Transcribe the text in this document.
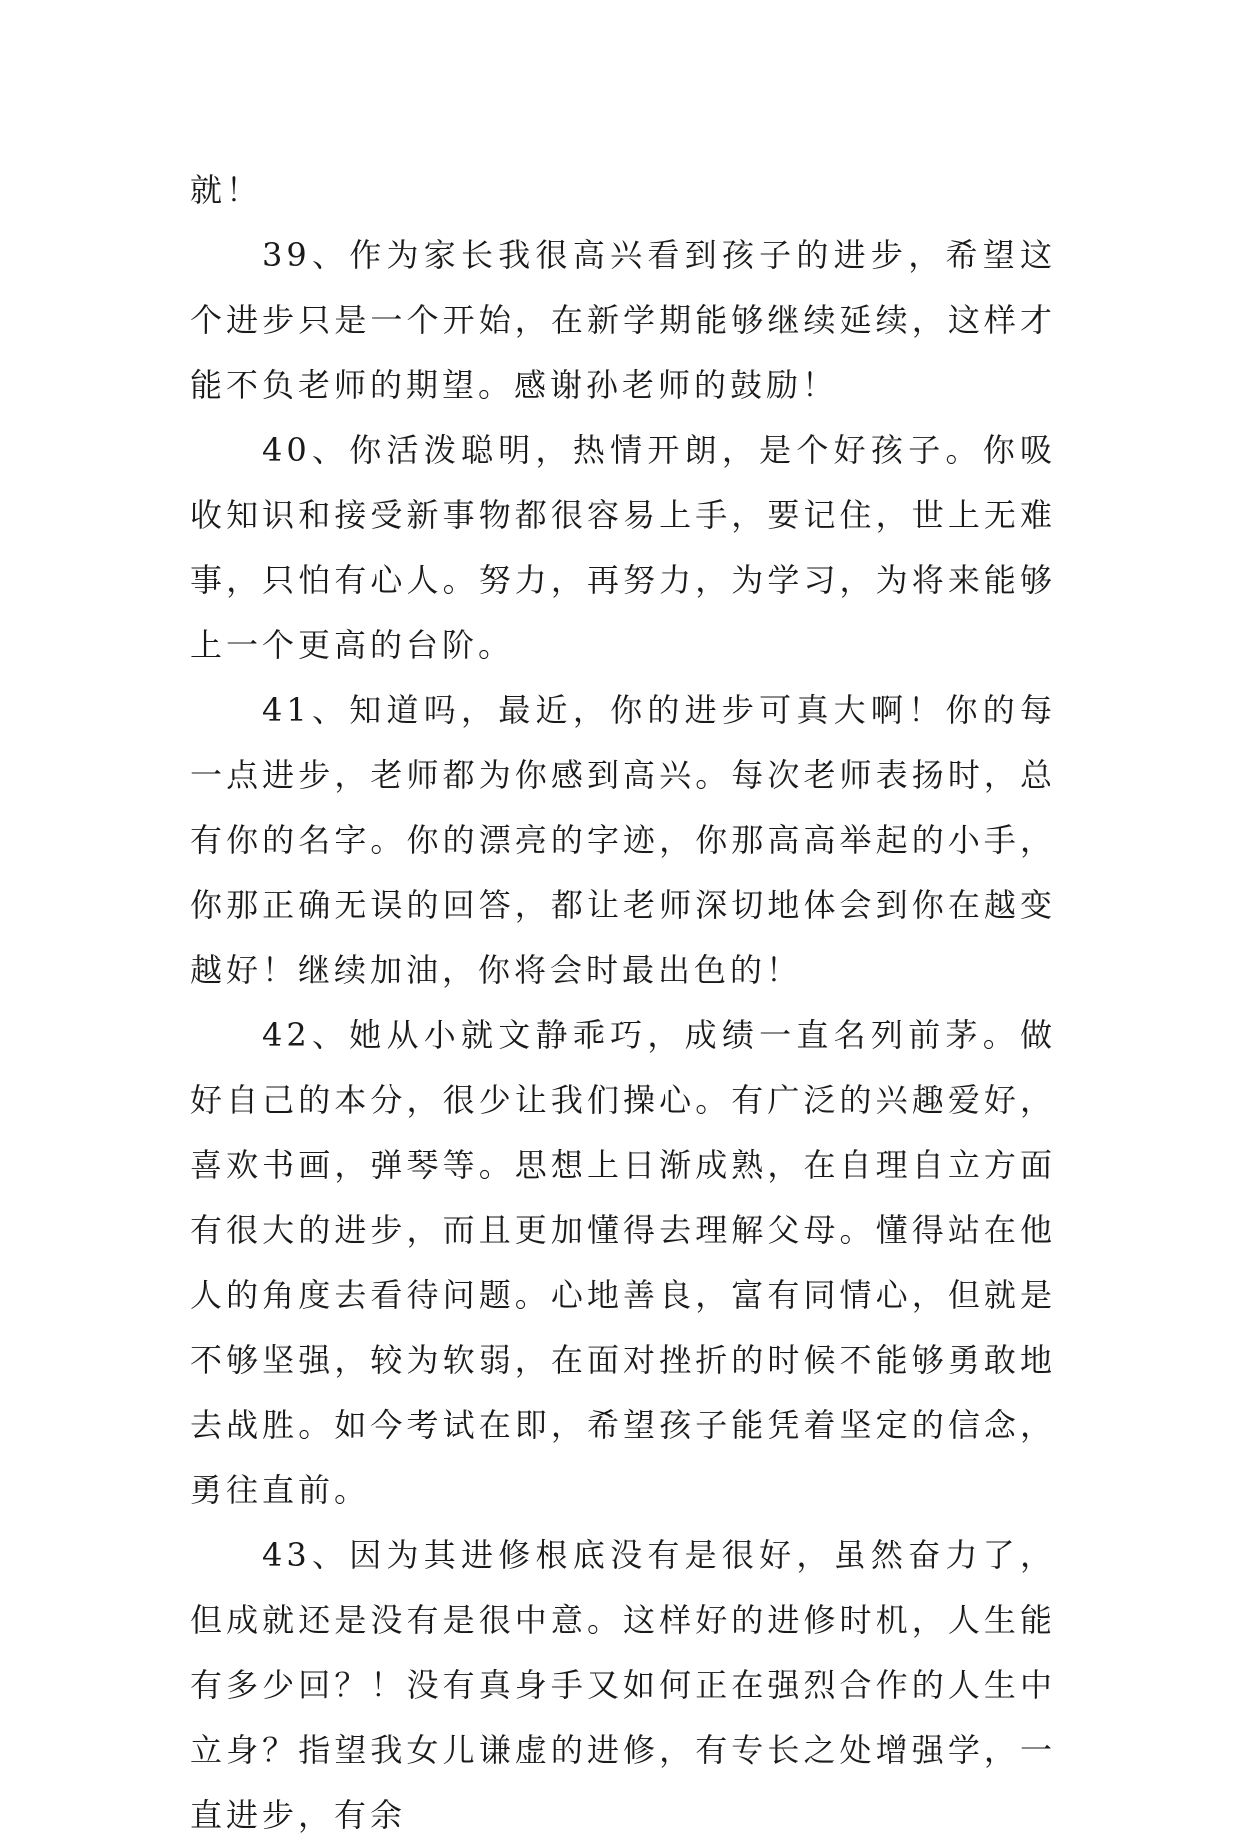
就！

39、作为家长我很高兴看到孩子的进步，希望这个进步只是一个开始，在新学期能够继续延续，这样才能不负老师的期望。感谢孙老师的鼓励！

40、你活泼聪明，热情开朗，是个好孩子。你吸收知识和接受新事物都很容易上手，要记住，世上无难事，只怕有心人。努力，再努力，为学习，为将来能够上一个更高的台阶。

41、知道吗，最近，你的进步可真大啊！你的每一点进步，老师都为你感到高兴。每次老师表扬时，总有你的名字。你的漂亮的字迹，你那高高举起的小手，你那正确无误的回答，都让老师深切地体会到你在越变越好！继续加油，你将会时最出色的！

42、她从小就文静乖巧，成绩一直名列前茅。做好自己的本分，很少让我们操心。有广泛的兴趣爱好，喜欢书画，弹琴等。思想上日渐成熟，在自理自立方面有很大的进步，而且更加懂得去理解父母。懂得站在他人的角度去看待问题。心地善良，富有同情心，但就是不够坚强，较为软弱，在面对挫折的时候不能够勇敢地去战胜。如今考试在即，希望孩子能凭着坚定的信念，勇往直前。

43、因为其进修根底没有是很好，虽然奋力了，但成就还是没有是很中意。这样好的进修时机，人生能有多少回？！没有真身手又如何正在强烈合作的人生中立身？指望我女儿谦虚的进修，有专长之处增强学，一直进步，有余
